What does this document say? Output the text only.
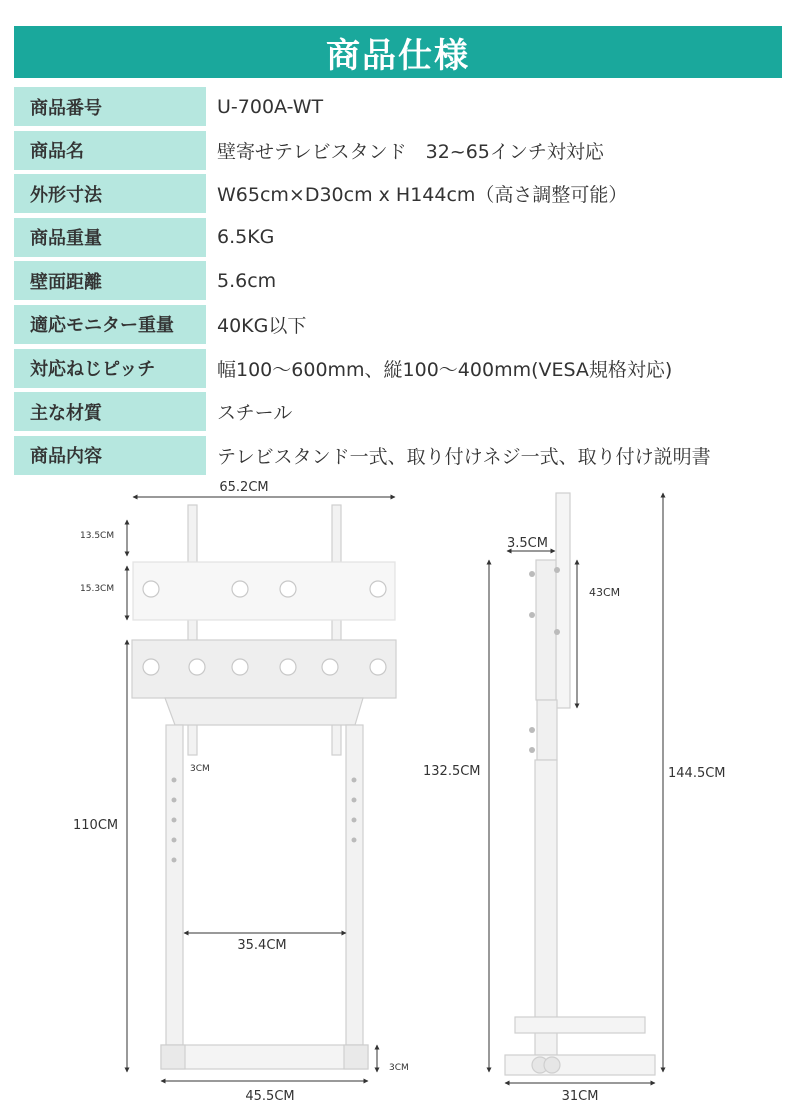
商品仕様
商品番号	U-700A-WT
商品名	壁寄せテレビスタンド　32~65インチ対対応
外形寸法	W65cm×D30cm x H144cm（高さ調整可能）
商品重量	6.5KG
壁面距離	5.6cm
適応モニター重量	40KG以下
対応ねじピッチ	幅100～600mm、縦100～400mm(VESA規格対応)
主な材質	スチール
商品内容	テレビスタンド一式、取り付けネジ一式、取り付け説明書
65.2CM
13.5CM
15.3CM
3CM
110CM
35.4CM
3CM
45.5CM
3.5CM
43CM
132.5CM	144.5CM
31CM
